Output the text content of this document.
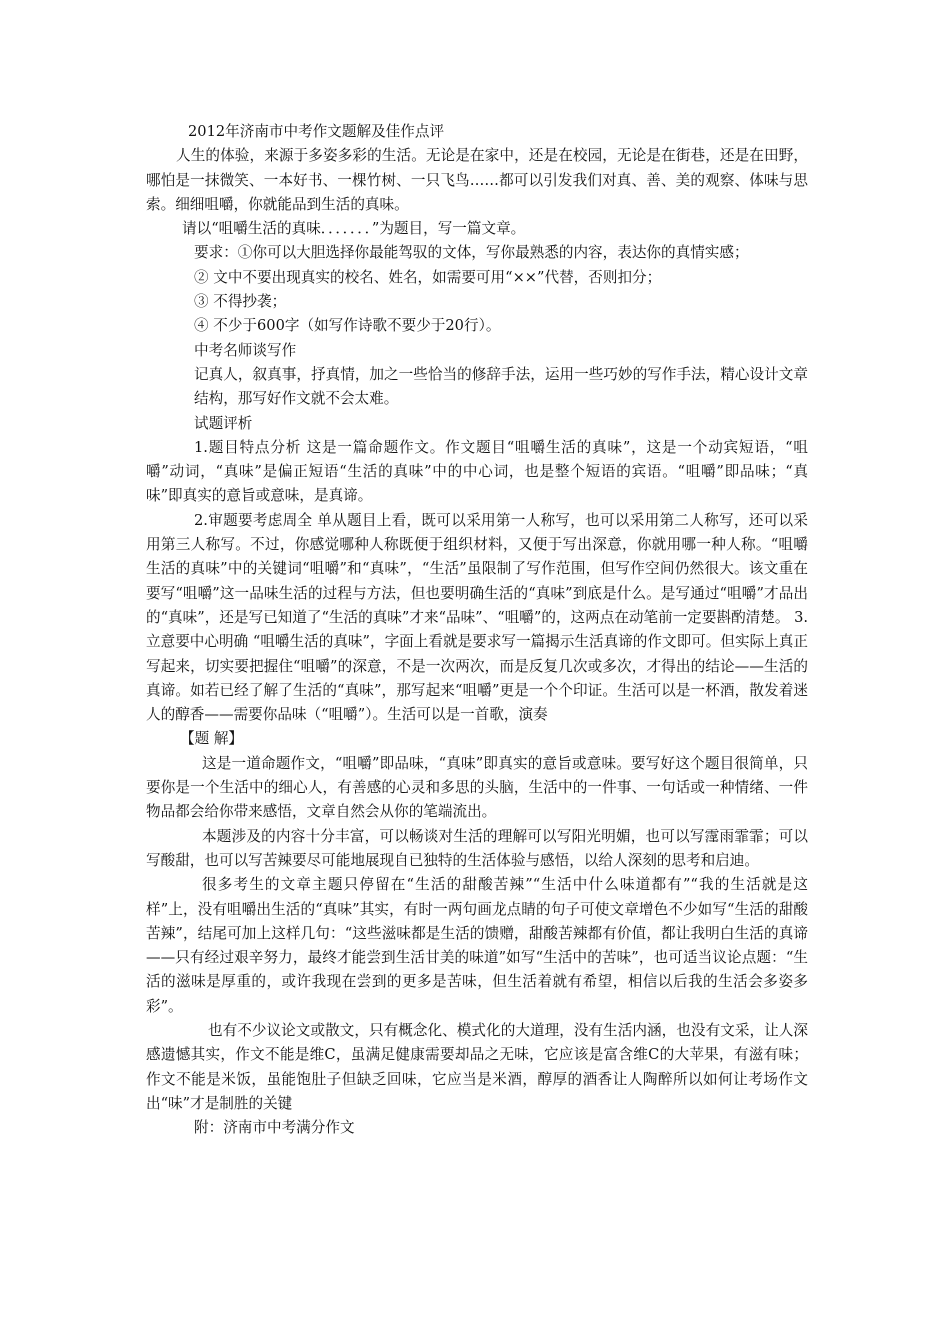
2012年济南市中考作文题解及佳作点评

人生的体验，来源于多姿多彩的生活。无论是在家中，还是在校园，无论是在街巷，还是在田野，哪怕是一抹微笑、一本好书、一棵竹树、一只飞鸟……都可以引发我们对真、善、美的观察、体味与思索。细细咀嚼，你就能品到生活的真味。

请以“咀嚼生活的真味．．．．．．．”为题目，写一篇文章。

要求：①你可以大胆选择你最能驾驭的文体，写你最熟悉的内容，表达你的真情实感；

② 文中不要出现真实的校名、姓名，如需要可用“××”代替，否则扣分；

③ 不得抄袭；

④ 不少于600字（如写作诗歌不要少于20行）。

中考名师谈写作

记真人，叙真事，抒真情，加之一些恰当的修辞手法，运用一些巧妙的写作手法，精心设计文章结构，那写好作文就不会太难。

试题评析

1.题目特点分析 这是一篇命题作文。作文题目“咀嚼生活的真味”，这是一个动宾短语，“咀嚼”动词，“真味”是偏正短语“生活的真味”中的中心词，也是整个短语的宾语。“咀嚼”即品味；“真味”即真实的意旨或意味，是真谛。

2.审题要考虑周全 单从题目上看，既可以采用第一人称写，也可以采用第二人称写，还可以采用第三人称写。不过，你感觉哪种人称既便于组织材料，又便于写出深意，你就用哪一种人称。“咀嚼生活的真味”中的关键词“咀嚼”和“真味”，“生活”虽限制了写作范围，但写作空间仍然很大。该文重在要写“咀嚼”这一品味生活的过程与方法，但也要明确生活的“真味”到底是什么。是写通过“咀嚼”才品出的“真味”，还是写已知道了“生活的真味”才来“品味”、“咀嚼”的，这两点在动笔前一定要斟酌清楚。 3.立意要中心明确 “咀嚼生活的真味”，字面上看就是要求写一篇揭示生活真谛的作文即可。但实际上真正写起来，切实要把握住“咀嚼”的深意，不是一次两次，而是反复几次或多次，才得出的结论——生活的真谛。如若已经了解了生活的“真味”，那写起来“咀嚼”更是一个个印证。生活可以是一杯酒，散发着迷人的醇香——需要你品味（“咀嚼”）。生活可以是一首歌，演奏

【题 解】

这是一道命题作文，“咀嚼”即品味，“真味”即真实的意旨或意味。要写好这个题目很简单，只要你是一个生活中的细心人，有善感的心灵和多思的头脑，生活中的一件事、一句话或一种情绪、一件物品都会给你带来感悟，文章自然会从你的笔端流出。

本题涉及的内容十分丰富，可以畅谈对生活的理解可以写阳光明媚，也可以写霪雨霏霏；可以写酸甜，也可以写苦辣要尽可能地展现自已独特的生活体验与感悟，以给人深刻的思考和启迪。

很多考生的文章主题只停留在“生活的甜酸苦辣”“生活中什么味道都有”“我的生活就是这样”上，没有咀嚼出生活的“真味”其实，有时一两句画龙点睛的句子可使文章增色不少如写“生活的甜酸苦辣”，结尾可加上这样几句：“这些滋味都是生活的馈赠，甜酸苦辣都有价值，都让我明白生活的真谛——只有经过艰辛努力，最终才能尝到生活甘美的味道”如写“生活中的苦味”，也可适当议论点题：“生活的滋味是厚重的，或许我现在尝到的更多是苦味，但生活着就有希望，相信以后我的生活会多姿多彩”。

也有不少议论文或散文，只有概念化、模式化的大道理，没有生活内涵，也没有文采，让人深感遗憾其实，作文不能是维C，虽满足健康需要却品之无味，它应该是富含维C的大苹果，有滋有味；作文不能是米饭，虽能饱肚子但缺乏回味，它应当是米酒，醇厚的酒香让人陶醉所以如何让考场作文出“味”才是制胜的关键

附：济南市中考满分作文
